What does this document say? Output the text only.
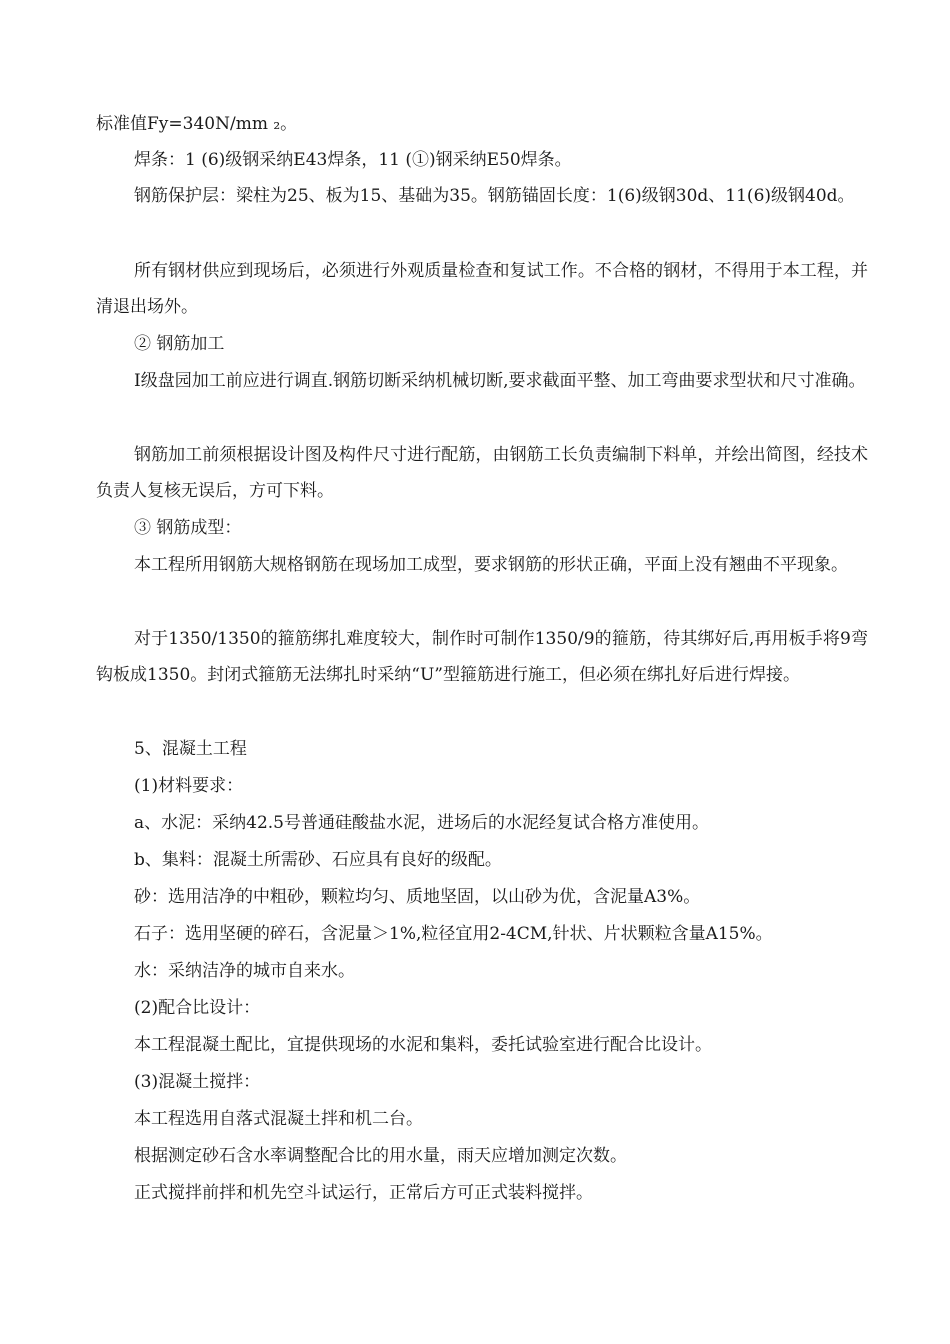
标准值Fy=340N/mm ₂。

焊条：1 (6)级钢采纳E43焊条，11 (①)钢采纳E50焊条。

钢筋保护层：梁柱为25、板为15、基础为35。钢筋锚固长度：1(6)级钢30d、11(6)级钢40d。

所有钢材供应到现场后，必须进行外观质量检查和复试工作。不合格的钢材，不得用于本工程，并清退出场外。

② 钢筋加工

I级盘园加工前应进行调直.钢筋切断采纳机械切断,要求截面平整、加工弯曲要求型状和尺寸准确。

钢筋加工前须根据设计图及构件尺寸进行配筋，由钢筋工长负责编制下料单，并绘出简图，经技术负责人复核无误后，方可下料。

③ 钢筋成型：

本工程所用钢筋大规格钢筋在现场加工成型，要求钢筋的形状正确，平面上没有翘曲不平现象。

对于1350/1350的箍筋绑扎难度较大，制作时可制作1350/9的箍筋，待其绑好后,再用板手将9弯钩板成1350。封闭式箍筋无法绑扎时采纳“U”型箍筋进行施工，但必须在绑扎好后进行焊接。

5、混凝土工程

(1)材料要求：

a、水泥：采纳42.5号普通硅酸盐水泥，进场后的水泥经复试合格方准使用。

b、集料：混凝土所需砂、石应具有良好的级配。

砂：选用洁净的中粗砂，颗粒均匀、质地坚固，以山砂为优，含泥量A3%。

石子：选用坚硬的碎石，含泥量＞1%,粒径宜用2-4CM,针状、片状颗粒含量A15%。

水：采纳洁净的城市自来水。

(2)配合比设计：

本工程混凝土配比，宜提供现场的水泥和集料，委托试验室进行配合比设计。

(3)混凝土搅拌：

本工程选用自落式混凝土拌和机二台。

根据测定砂石含水率调整配合比的用水量，雨天应增加测定次数。

正式搅拌前拌和机先空斗试运行，正常后方可正式装料搅拌。
